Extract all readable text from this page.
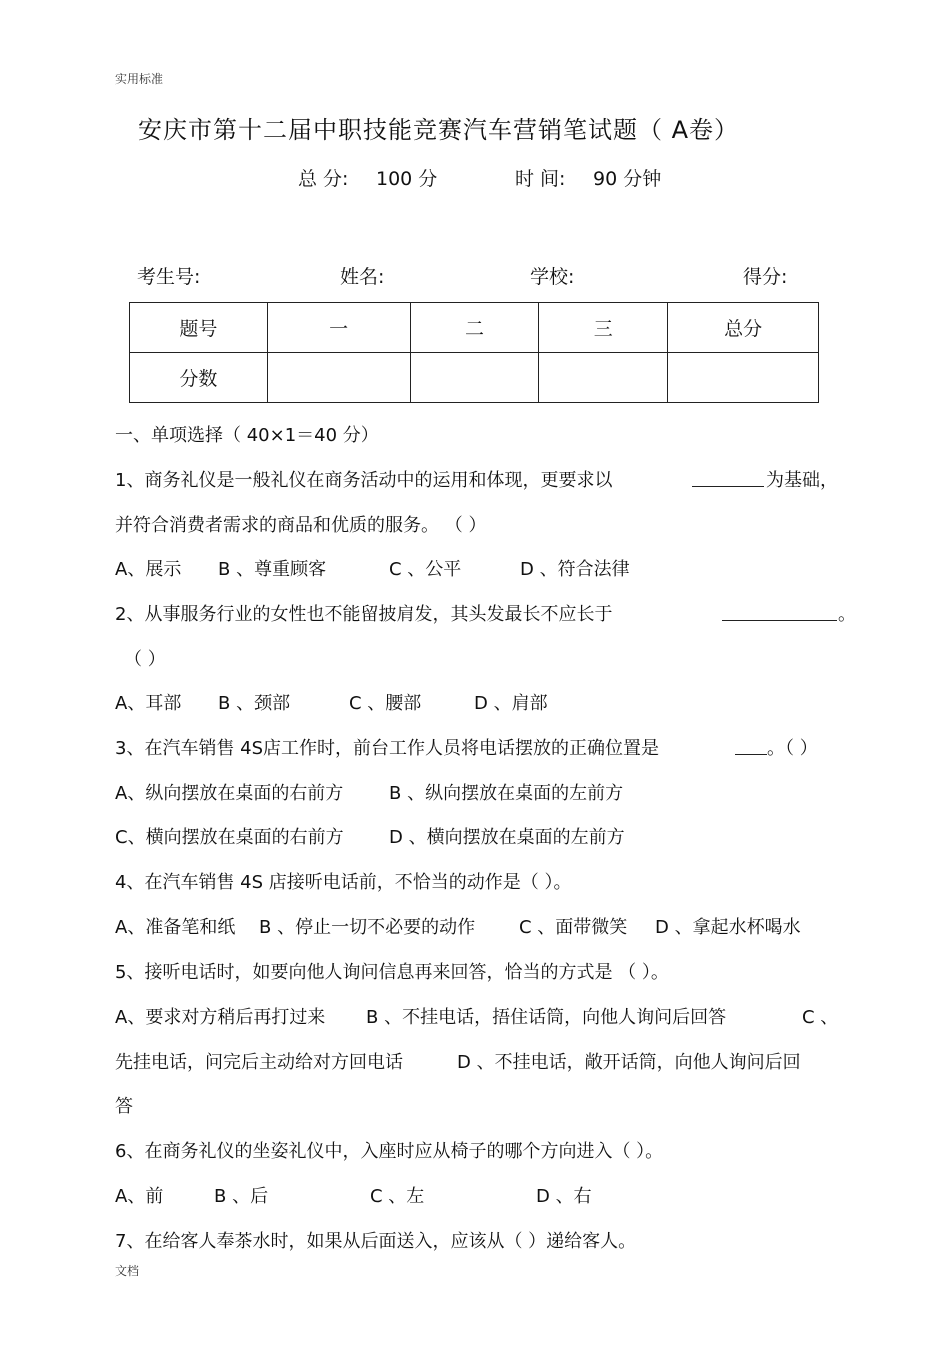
实用标准
安庆市第十二届中职技能竞赛汽车营销笔试题（ A卷）
总 分: 100 分	时 间: 90 分钟
考生号:	姓名:	学校:	得分:
题号	一	二	三	总分
分数				
一、单项选择（ 40×1＝40 分）
1、商务礼仪是一般礼仪在商务活动中的运用和体现，更要求以	为基础，
并符合消费者需求的商品和优质的服务。 （ ）
A、展示 B 、尊重顾客	C 、公平	D 、符合法律
2、从事服务行业的女性也不能留披肩发，其头发最长不应长于	。
（ ）
A、耳部 B 、颈部	C 、腰部	D 、肩部
3、在汽车销售 4S店工作时，前台工作人员将电话摆放的正确位置是	。（ ）
A、纵向摆放在桌面的右前方	B 、纵向摆放在桌面的左前方
C、横向摆放在桌面的右前方	D 、横向摆放在桌面的左前方
4、在汽车销售 4S 店接听电话前，不恰当的动作是（ ）。
A、准备笔和纸 B 、停止一切不必要的动作 C 、面带微笑 D 、拿起水杯喝水
5、接听电话时，如要向他人询问信息再来回答，恰当的方式是 （ ）。
A、要求对方稍后再打过来 B 、不挂电话，捂住话筒，向他人询问后回答	C 、
先挂电话，问完后主动给对方回电话	D 、不挂电话，敞开话筒，向他人询问后回
答
6、在商务礼仪的坐姿礼仪中，入座时应从椅子的哪个方向进入（ ）。
A、前	B 、后	C 、左	D 、右
7、在给客人奉茶水时，如果从后面送入，应该从（ ）递给客人。
文档
